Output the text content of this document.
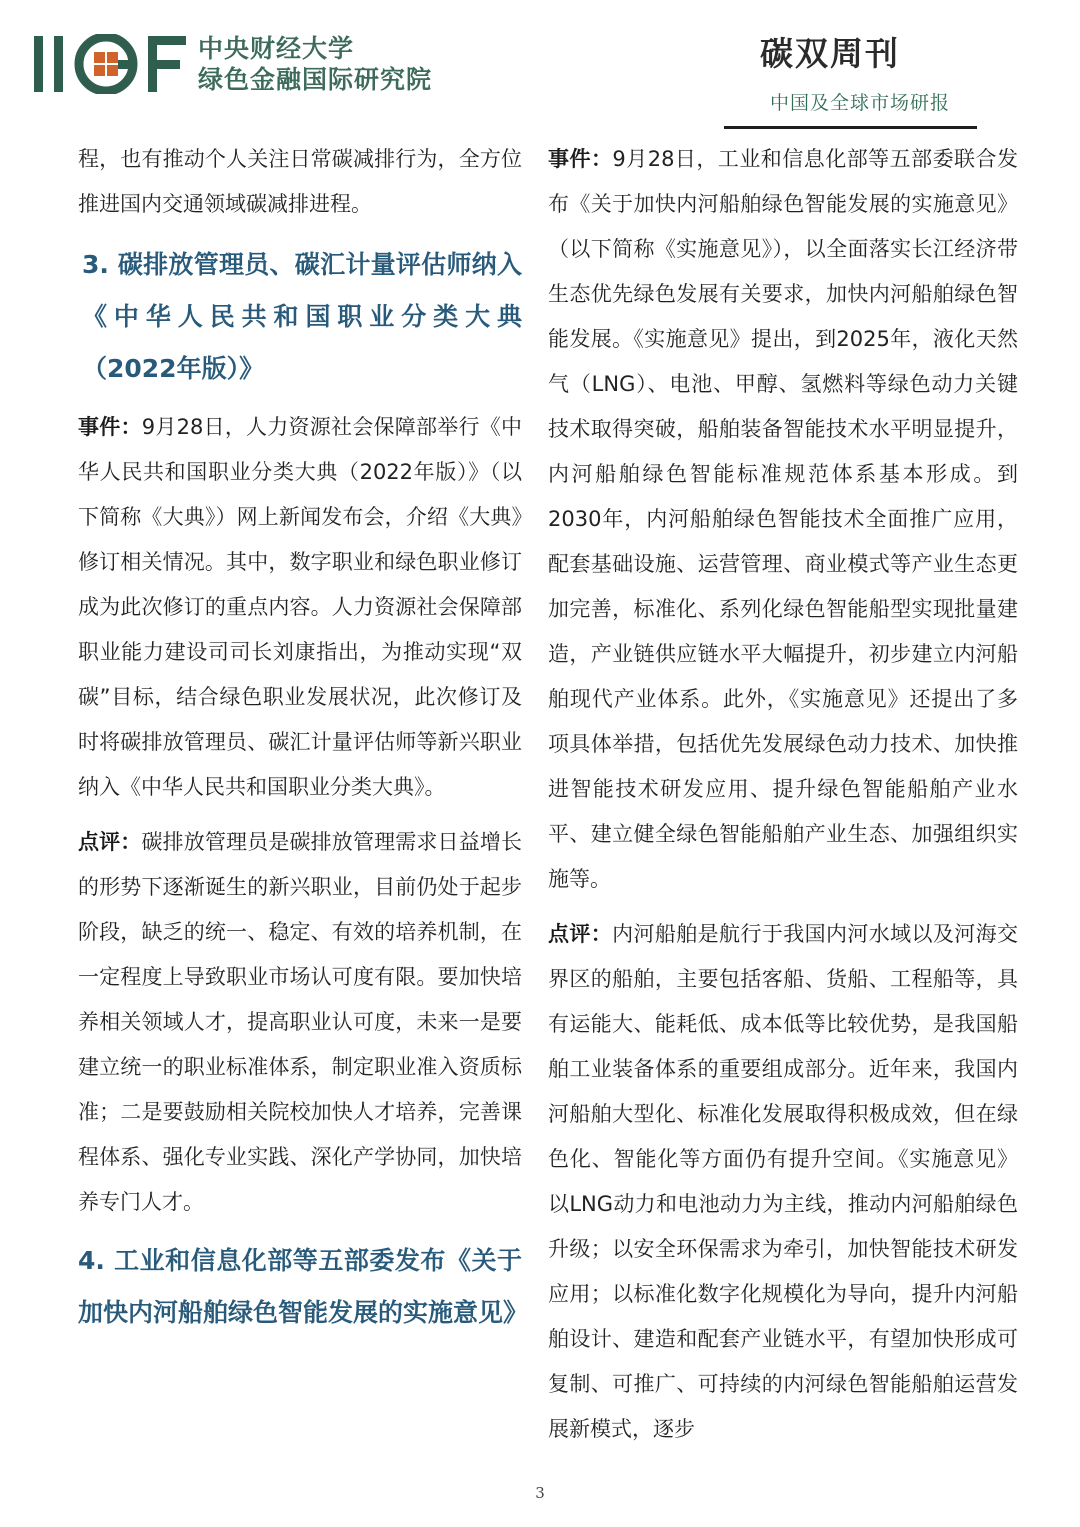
中央财经大学
绿色金融国际研究院
碳双周刊
中国及全球市场研报

程，也有推动个人关注日常碳减排行为，全方位推进国内交通领域碳减排进程。

3. 碳排放管理员、碳汇计量评估师纳入《中华人民共和国职业分类大典（2022年版）》

事件：9月28日，人力资源社会保障部举行《中华人民共和国职业分类大典（2022年版）》（以下简称《大典》）网上新闻发布会，介绍《大典》修订相关情况。其中，数字职业和绿色职业修订成为此次修订的重点内容。人力资源社会保障部职业能力建设司司长刘康指出，为推动实现“双碳”目标，结合绿色职业发展状况，此次修订及时将碳排放管理员、碳汇计量评估师等新兴职业纳入《中华人民共和国职业分类大典》。

点评：碳排放管理员是碳排放管理需求日益增长的形势下逐渐诞生的新兴职业，目前仍处于起步阶段，缺乏的统一、稳定、有效的培养机制，在一定程度上导致职业市场认可度有限。要加快培养相关领域人才，提高职业认可度，未来一是要建立统一的职业标准体系，制定职业准入资质标准；二是要鼓励相关院校加快人才培养，完善课程体系、强化专业实践、深化产学协同，加快培养专门人才。

4. 工业和信息化部等五部委发布《关于加快内河船舶绿色智能发展的实施意见》

事件：9月28日，工业和信息化部等五部委联合发布《关于加快内河船舶绿色智能发展的实施意见》（以下简称《实施意见》），以全面落实长江经济带生态优先绿色发展有关要求，加快内河船舶绿色智能发展。《实施意见》提出，到2025年，液化天然气（LNG）、电池、甲醇、氢燃料等绿色动力关键技术取得突破，船舶装备智能技术水平明显提升，内河船舶绿色智能标准规范体系基本形成。到2030年，内河船舶绿色智能技术全面推广应用，配套基础设施、运营管理、商业模式等产业生态更加完善，标准化、系列化绿色智能船型实现批量建造，产业链供应链水平大幅提升，初步建立内河船舶现代产业体系。此外，《实施意见》还提出了多项具体举措，包括优先发展绿色动力技术、加快推进智能技术研发应用、提升绿色智能船舶产业水平、建立健全绿色智能船舶产业生态、加强组织实施等。

点评：内河船舶是航行于我国内河水域以及河海交界区的船舶，主要包括客船、货船、工程船等，具有运能大、能耗低、成本低等比较优势，是我国船舶工业装备体系的重要组成部分。近年来，我国内河船舶大型化、标准化发展取得积极成效，但在绿色化、智能化等方面仍有提升空间。《实施意见》以LNG动力和电池动力为主线，推动内河船舶绿色升级；以安全环保需求为牵引，加快智能技术研发应用；以标准化数字化规模化为导向，提升内河船舶设计、建造和配套产业链水平，有望加快形成可复制、可推广、可持续的内河绿色智能船舶运营发展新模式，逐步

3
